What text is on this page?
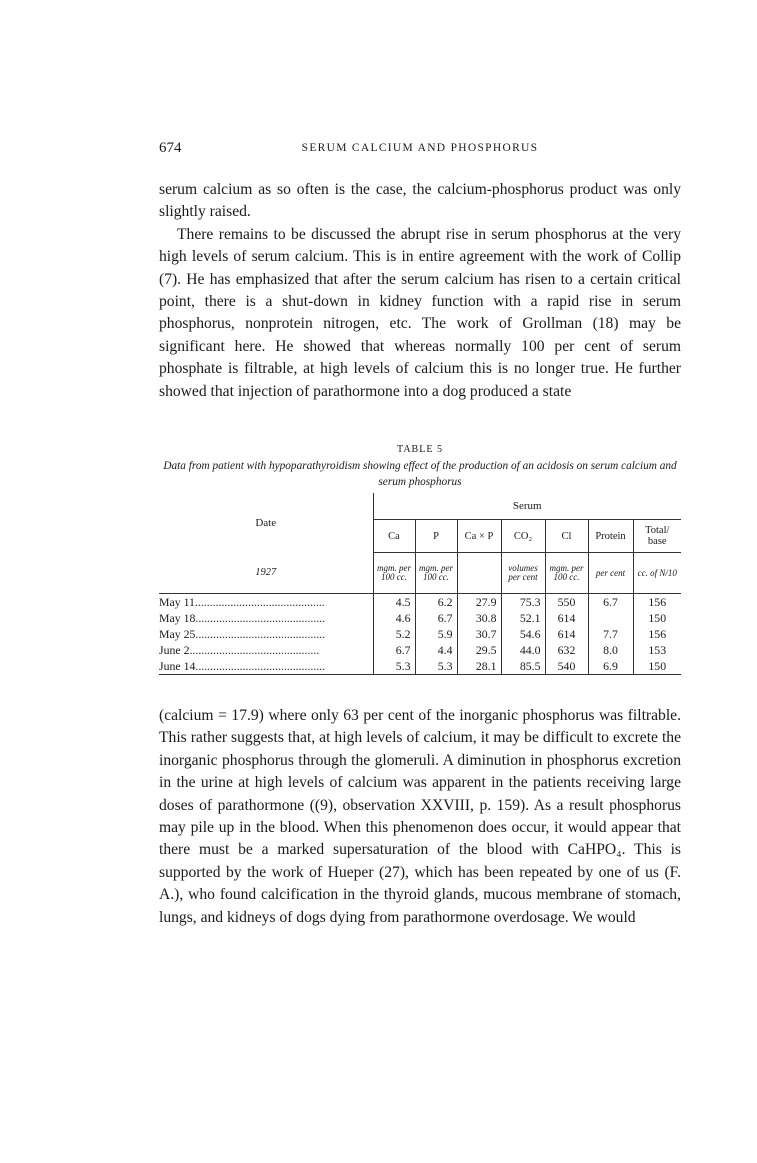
674	SERUM CALCIUM AND PHOSPHORUS

serum calcium as so often is the case, the calcium-phosphorus product was only slightly raised.

There remains to be discussed the abrupt rise in serum phosphorus at the very high levels of serum calcium. This is in entire agreement with the work of Collip (7). He has emphasized that after the serum calcium has risen to a certain critical point, there is a shut-down in kidney function with a rapid rise in serum phosphorus, nonprotein nitrogen, etc. The work of Grollman (18) may be significant here. He showed that whereas normally 100 per cent of serum phosphate is filtrable, at high levels of calcium this is no longer true. He further showed that injection of parathormone into a dog produced a state

TABLE 5
Data from patient with hypoparathyroidism showing effect of the production of an acidosis on serum calcium and serum phosphorus
Date	Serum						
	Ca	P	Ca × P	CO₂	Cl	Protein	Total/ base
1927	mgm. per 100 cc.	mgm. per 100 cc.		volumes per cent	mgm. per 100 cc.	per cent	cc. of N/10
May 11............................................	4.5	6.2	27.9	75.3	550	6.7	156
May 18............................................	4.6	6.7	30.8	52.1	614		150
May 25............................................	5.2	5.9	30.7	54.6	614	7.7	156
June 2............................................	6.7	4.4	29.5	44.0	632	8.0	153
June 14............................................	5.3	5.3	28.1	85.5	540	6.9	150

(calcium = 17.9) where only 63 per cent of the inorganic phosphorus was filtrable. This rather suggests that, at high levels of calcium, it may be difficult to excrete the inorganic phosphorus through the glomeruli. A diminution in phosphorus excretion in the urine at high levels of calcium was apparent in the patients receiving large doses of parathormone ((9), observation XXVIII, p. 159). As a result phosphorus may pile up in the blood. When this phenomenon does occur, it would appear that there must be a marked supersaturation of the blood with CaHPO₄. This is supported by the work of Hueper (27), which has been repeated by one of us (F. A.), who found calcification in the thyroid glands, mucous membrane of stomach, lungs, and kidneys of dogs dying from parathormone overdosage. We would
